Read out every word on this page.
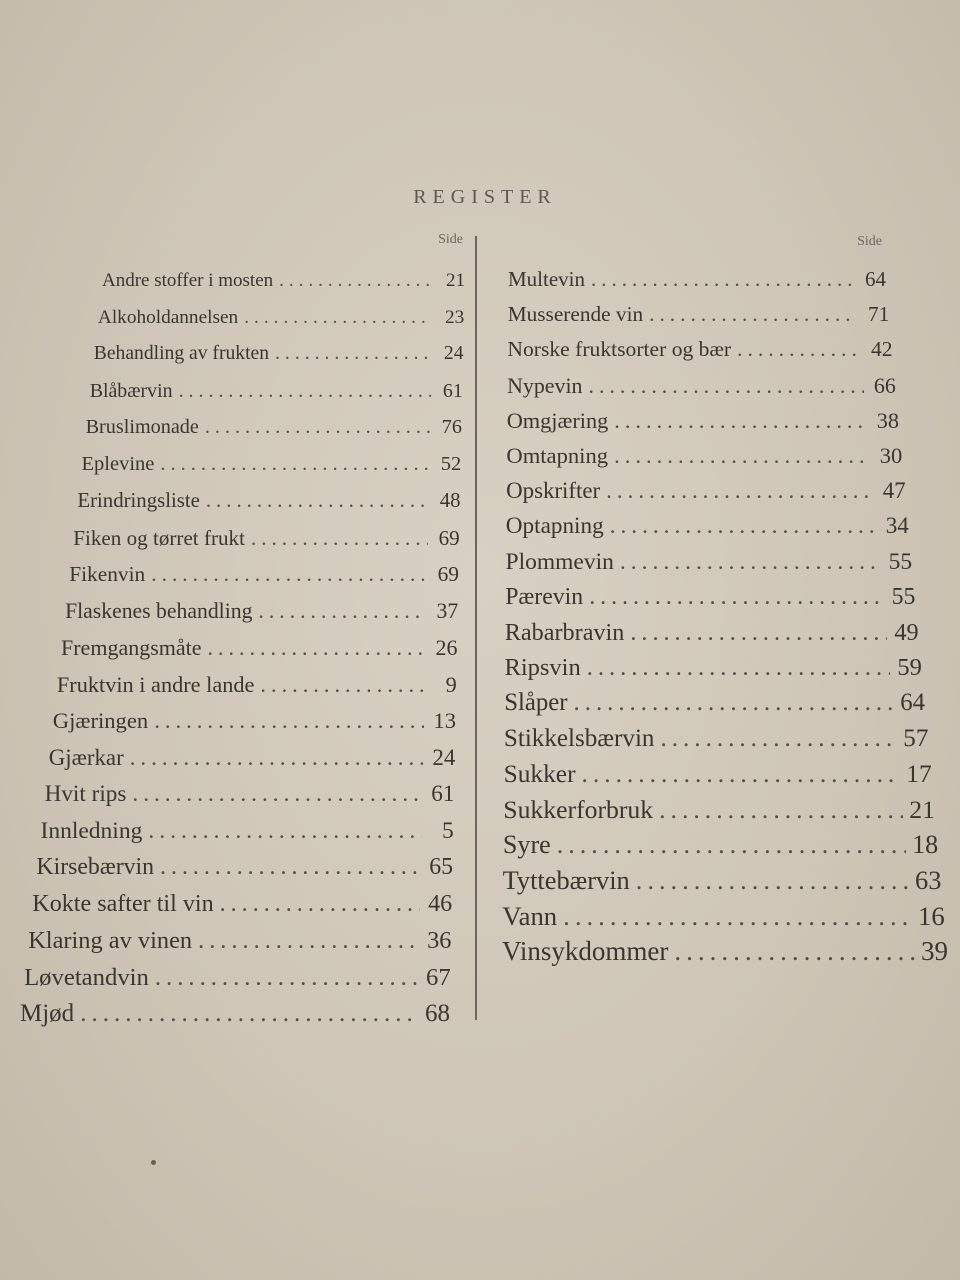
REGISTER
Side
Andre stoffer i mosten .....	21
Alkoholdannelsen .....	23
Behandling av frukten .....	24
Blåbærvin .....	61
Bruslimonade .....	76
Eplevine .....	52
Erindringsliste .....	48
Fiken og tørret frukt .....	69
Fikenvin .....	69
Flaskenes behandling .....	37
Fremgangsmåte .....	26
Fruktvin i andre lande .....	9
Gjæringen .....	13
Gjærkar .....	24
Hvit rips .....	61
Innledning .....	5
Kirsebærvin .....	65
Kokte safter til vin .....	46
Klaring av vinen .....	36
Løvetandvin .....	67
Mjød .....	68
Side
Multevin .....	64
Musserende vin .....	71
Norske fruktsorter og bær .....	42
Nypevin .....	66
Omgjæring .....	38
Omtapning .....	30
Opskrifter .....	47
Optapning .....	34
Plommevin .....	55
Pærevin .....	55
Rabarbravin .....	49
Ripsvin .....	59
Slåper .....	64
Stikkelsbærvin .....	57
Sukker .....	17
Sukkerforbruk .....	21
Syre .....	18
Tyttebærvin .....	63
Vann .....	16
Vinsykdommer .....	39
